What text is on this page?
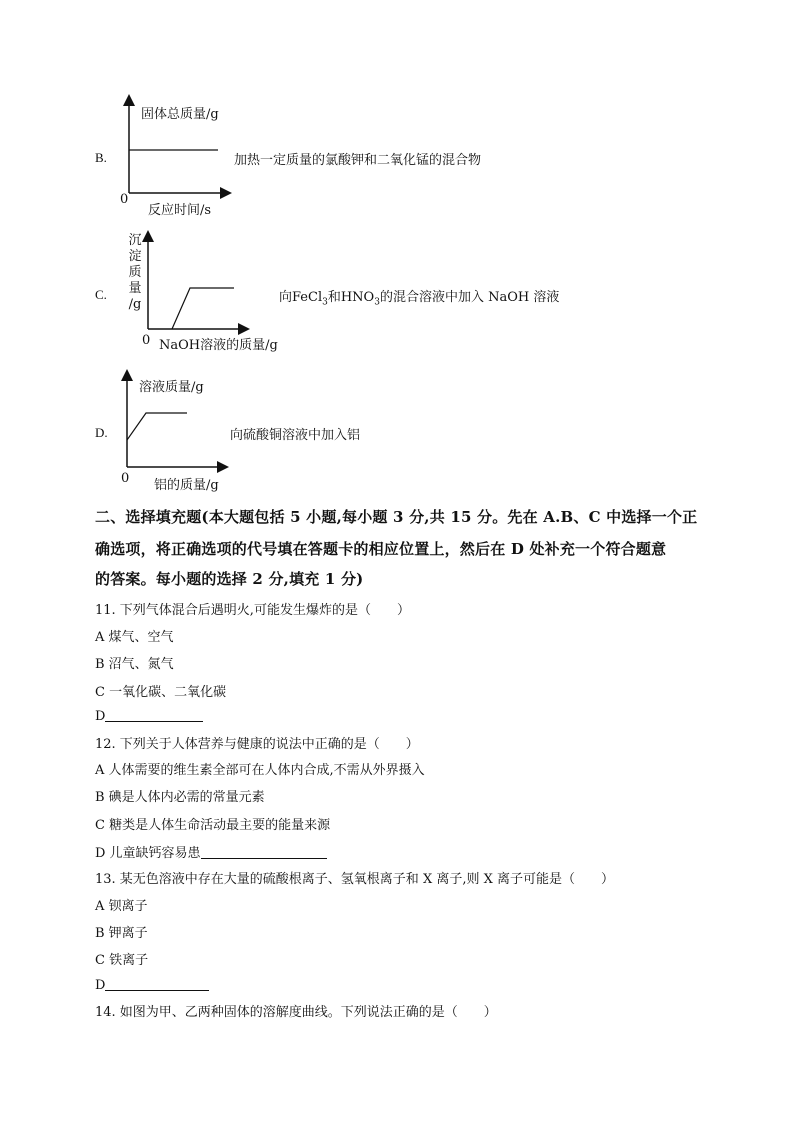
B.
固体总质量/g
0
反应时间/s
加热一定质量的氯酸钾和二氧化锰的混合物
C.
沉
淀
质
量
/g
0 NaOH溶液的质量/g
向FeCl$_3$和$HNO_3$的混合溶液中加入 NaOH 溶液
D.
溶液质量/g
0 铝的质量/g
向硫酸铜溶液中加入铝
二、选择填充题(本大题包括 5 小题,每小题 3 分,共 15 分。先在 A.B、C 中选择一个正
确选项，将正确选项的代号填在答题卡的相应位置上，然后在 D 处补充一个符合题意
的答案。每小题的选择 2 分,填充 1 分)
11. 下列气体混合后遇明火,可能发生爆炸的是（　　）
A 煤气、空气
B 沼气、氮气
C 一氧化碳、二氧化碳
D
12. 下列关于人体营养与健康的说法中正确的是（　　）
A 人体需要的维生素全部可在人体内合成,不需从外界摄入
B 碘是人体内必需的常量元素
C 糖类是人体生命活动最主要的能量来源
D 儿童缺钙容易患
13. 某无色溶液中存在大量的硫酸根离子、氢氧根离子和 X 离子,则 X 离子可能是（　　）
A 钡离子
B 钾离子
C 铁离子
D
14. 如图为甲、乙两种固体的溶解度曲线。下列说法正确的是（　　）
